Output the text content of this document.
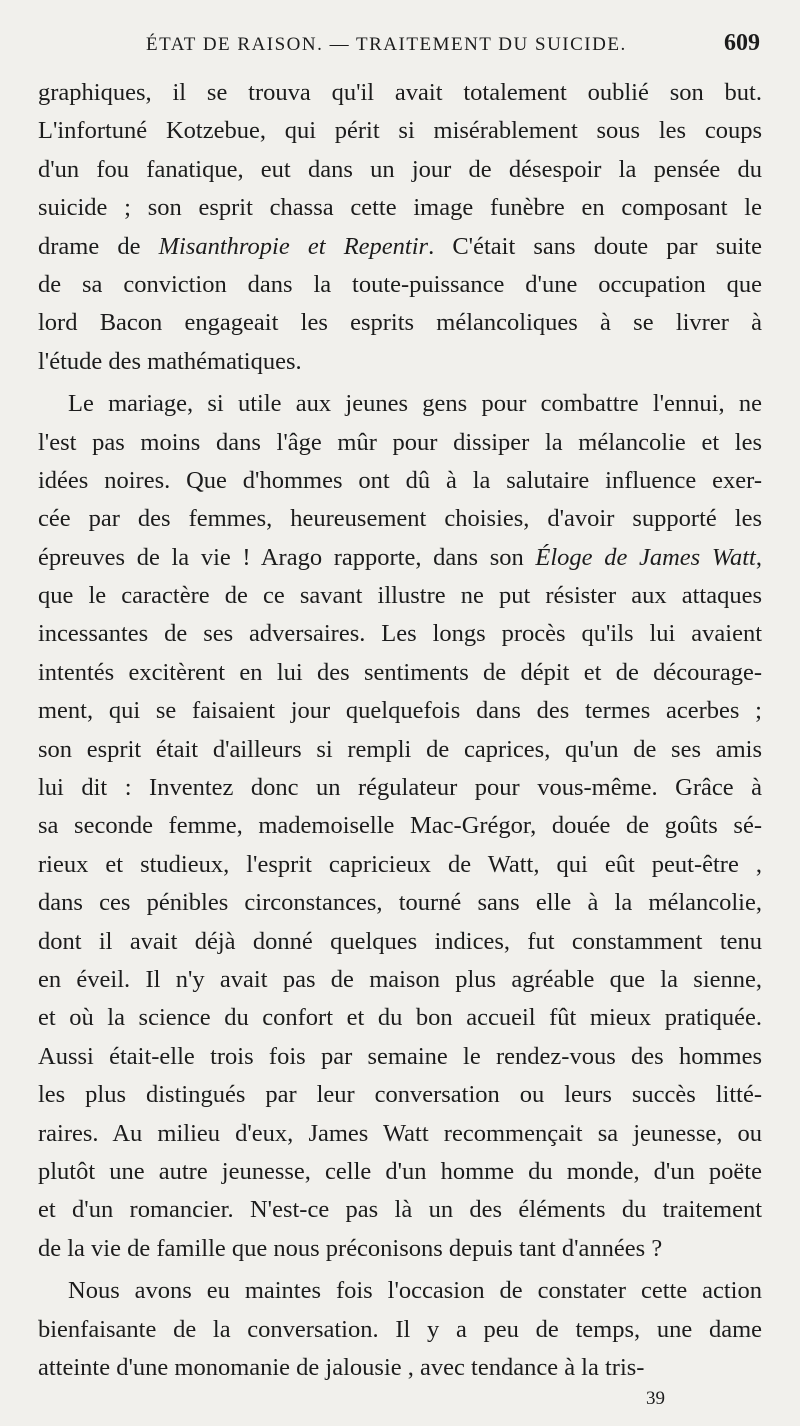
ÉTAT DE RAISON. — TRAITEMENT DU SUICIDE.	609
graphiques, il se trouva qu'il avait totalement oublié son but.
L'infortuné Kotzebue, qui périt si misérablement sous les coups
d'un fou fanatique, eut dans un jour de désespoir la pensée du
suicide ; son esprit chassa cette image funèbre en composant le
drame de Misanthropie et Repentir. C'était sans doute par suite
de sa conviction dans la toute-puissance d'une occupation que
lord Bacon engageait les esprits mélancoliques à se livrer à
l'étude des mathématiques.
Le mariage, si utile aux jeunes gens pour combattre l'ennui, ne
l'est pas moins dans l'âge mûr pour dissiper la mélancolie et les
idées noires. Que d'hommes ont dû à la salutaire influence exer-
cée par des femmes, heureusement choisies, d'avoir supporté les
épreuves de la vie ! Arago rapporte, dans son Éloge de James Watt,
que le caractère de ce savant illustre ne put résister aux attaques
incessantes de ses adversaires. Les longs procès qu'ils lui avaient
intentés excitèrent en lui des sentiments de dépit et de décourage-
ment, qui se faisaient jour quelquefois dans des termes acerbes ;
son esprit était d'ailleurs si rempli de caprices, qu'un de ses amis
lui dit : Inventez donc un régulateur pour vous-même. Grâce à
sa seconde femme, mademoiselle Mac-Grégor, douée de goûts sé-
rieux et studieux, l'esprit capricieux de Watt, qui eût peut-être ,
dans ces pénibles circonstances, tourné sans elle à la mélancolie,
dont il avait déjà donné quelques indices, fut constamment tenu
en éveil. Il n'y avait pas de maison plus agréable que la sienne,
et où la science du confort et du bon accueil fût mieux pratiquée.
Aussi était-elle trois fois par semaine le rendez-vous des hommes
les plus distingués par leur conversation ou leurs succès litté-
raires. Au milieu d'eux, James Watt recommençait sa jeunesse, ou
plutôt une autre jeunesse, celle d'un homme du monde, d'un poëte
et d'un romancier. N'est-ce pas là un des éléments du traitement
de la vie de famille que nous préconisons depuis tant d'années ?
Nous avons eu maintes fois l'occasion de constater cette action
bienfaisante de la conversation. Il y a peu de temps, une dame
atteinte d'une monomanie de jalousie , avec tendance à la tris-
39
